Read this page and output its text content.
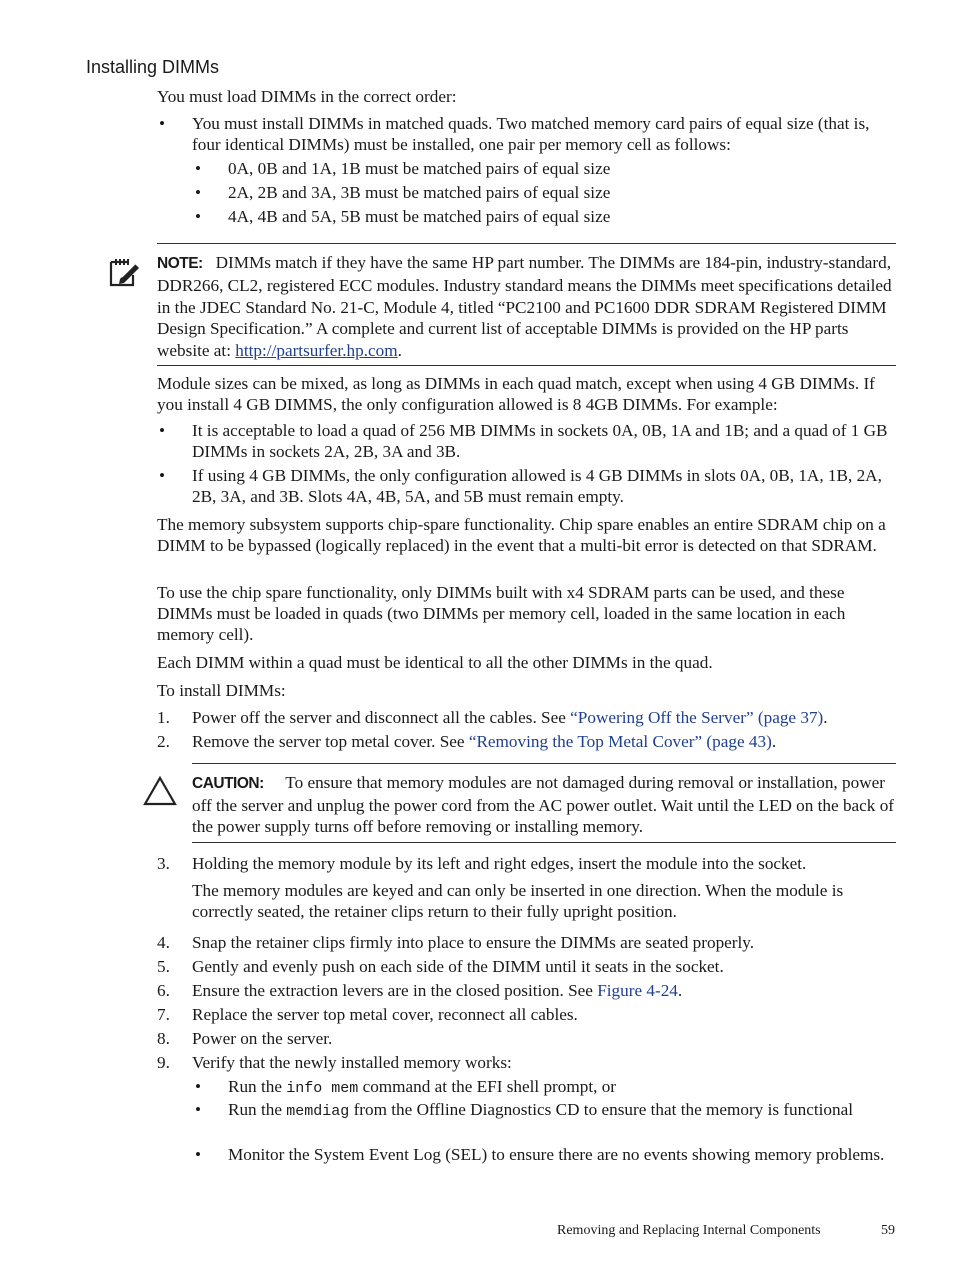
Installing DIMMs

You must load DIMMs in the correct order:

• You must install DIMMs in matched quads. Two matched memory card pairs of equal size (that is, four identical DIMMs) must be installed, one pair per memory cell as follows:
• 0A, 0B and 1A, 1B must be matched pairs of equal size
• 2A, 2B and 3A, 3B must be matched pairs of equal size
• 4A, 4B and 5A, 5B must be matched pairs of equal size

NOTE: DIMMs match if they have the same HP part number. The DIMMs are 184-pin, industry-standard, DDR266, CL2, registered ECC modules. Industry standard means the DIMMs meet specifications detailed in the JDEC Standard No. 21-C, Module 4, titled “PC2100 and PC1600 DDR SDRAM Registered DIMM Design Specification.” A complete and current list of acceptable DIMMs is provided on the HP parts website at: http://partsurfer.hp.com.

Module sizes can be mixed, as long as DIMMs in each quad match, except when using 4 GB DIMMs. If you install 4 GB DIMMS, the only configuration allowed is 8 4GB DIMMs. For example:

• It is acceptable to load a quad of 256 MB DIMMs in sockets 0A, 0B, 1A and 1B; and a quad of 1 GB DIMMs in sockets 2A, 2B, 3A and 3B.
• If using 4 GB DIMMs, the only configuration allowed is 4 GB DIMMs in slots 0A, 0B, 1A, 1B, 2A, 2B, 3A, and 3B. Slots 4A, 4B, 5A, and 5B must remain empty.

The memory subsystem supports chip-spare functionality. Chip spare enables an entire SDRAM chip on a DIMM to be bypassed (logically replaced) in the event that a multi-bit error is detected on that SDRAM.

To use the chip spare functionality, only DIMMs built with x4 SDRAM parts can be used, and these DIMMs must be loaded in quads (two DIMMs per memory cell, loaded in the same location in each memory cell).

Each DIMM within a quad must be identical to all the other DIMMs in the quad.

To install DIMMs:

1. Power off the server and disconnect all the cables. See “Powering Off the Server” (page 37).
2. Remove the server top metal cover. See “Removing the Top Metal Cover” (page 43).

CAUTION: To ensure that memory modules are not damaged during removal or installation, power off the server and unplug the power cord from the AC power outlet. Wait until the LED on the back of the power supply turns off before removing or installing memory.

3. Holding the memory module by its left and right edges, insert the module into the socket.

The memory modules are keyed and can only be inserted in one direction. When the module is correctly seated, the retainer clips return to their fully upright position.

4. Snap the retainer clips firmly into place to ensure the DIMMs are seated properly.
5. Gently and evenly push on each side of the DIMM until it seats in the socket.
6. Ensure the extraction levers are in the closed position. See Figure 4-24.
7. Replace the server top metal cover, reconnect all cables.
8. Power on the server.
9. Verify that the newly installed memory works:
• Run the info mem command at the EFI shell prompt, or
• Run the memdiag from the Offline Diagnostics CD to ensure that the memory is functional
• Monitor the System Event Log (SEL) to ensure there are no events showing memory problems.
Removing and Replacing Internal Components	59
